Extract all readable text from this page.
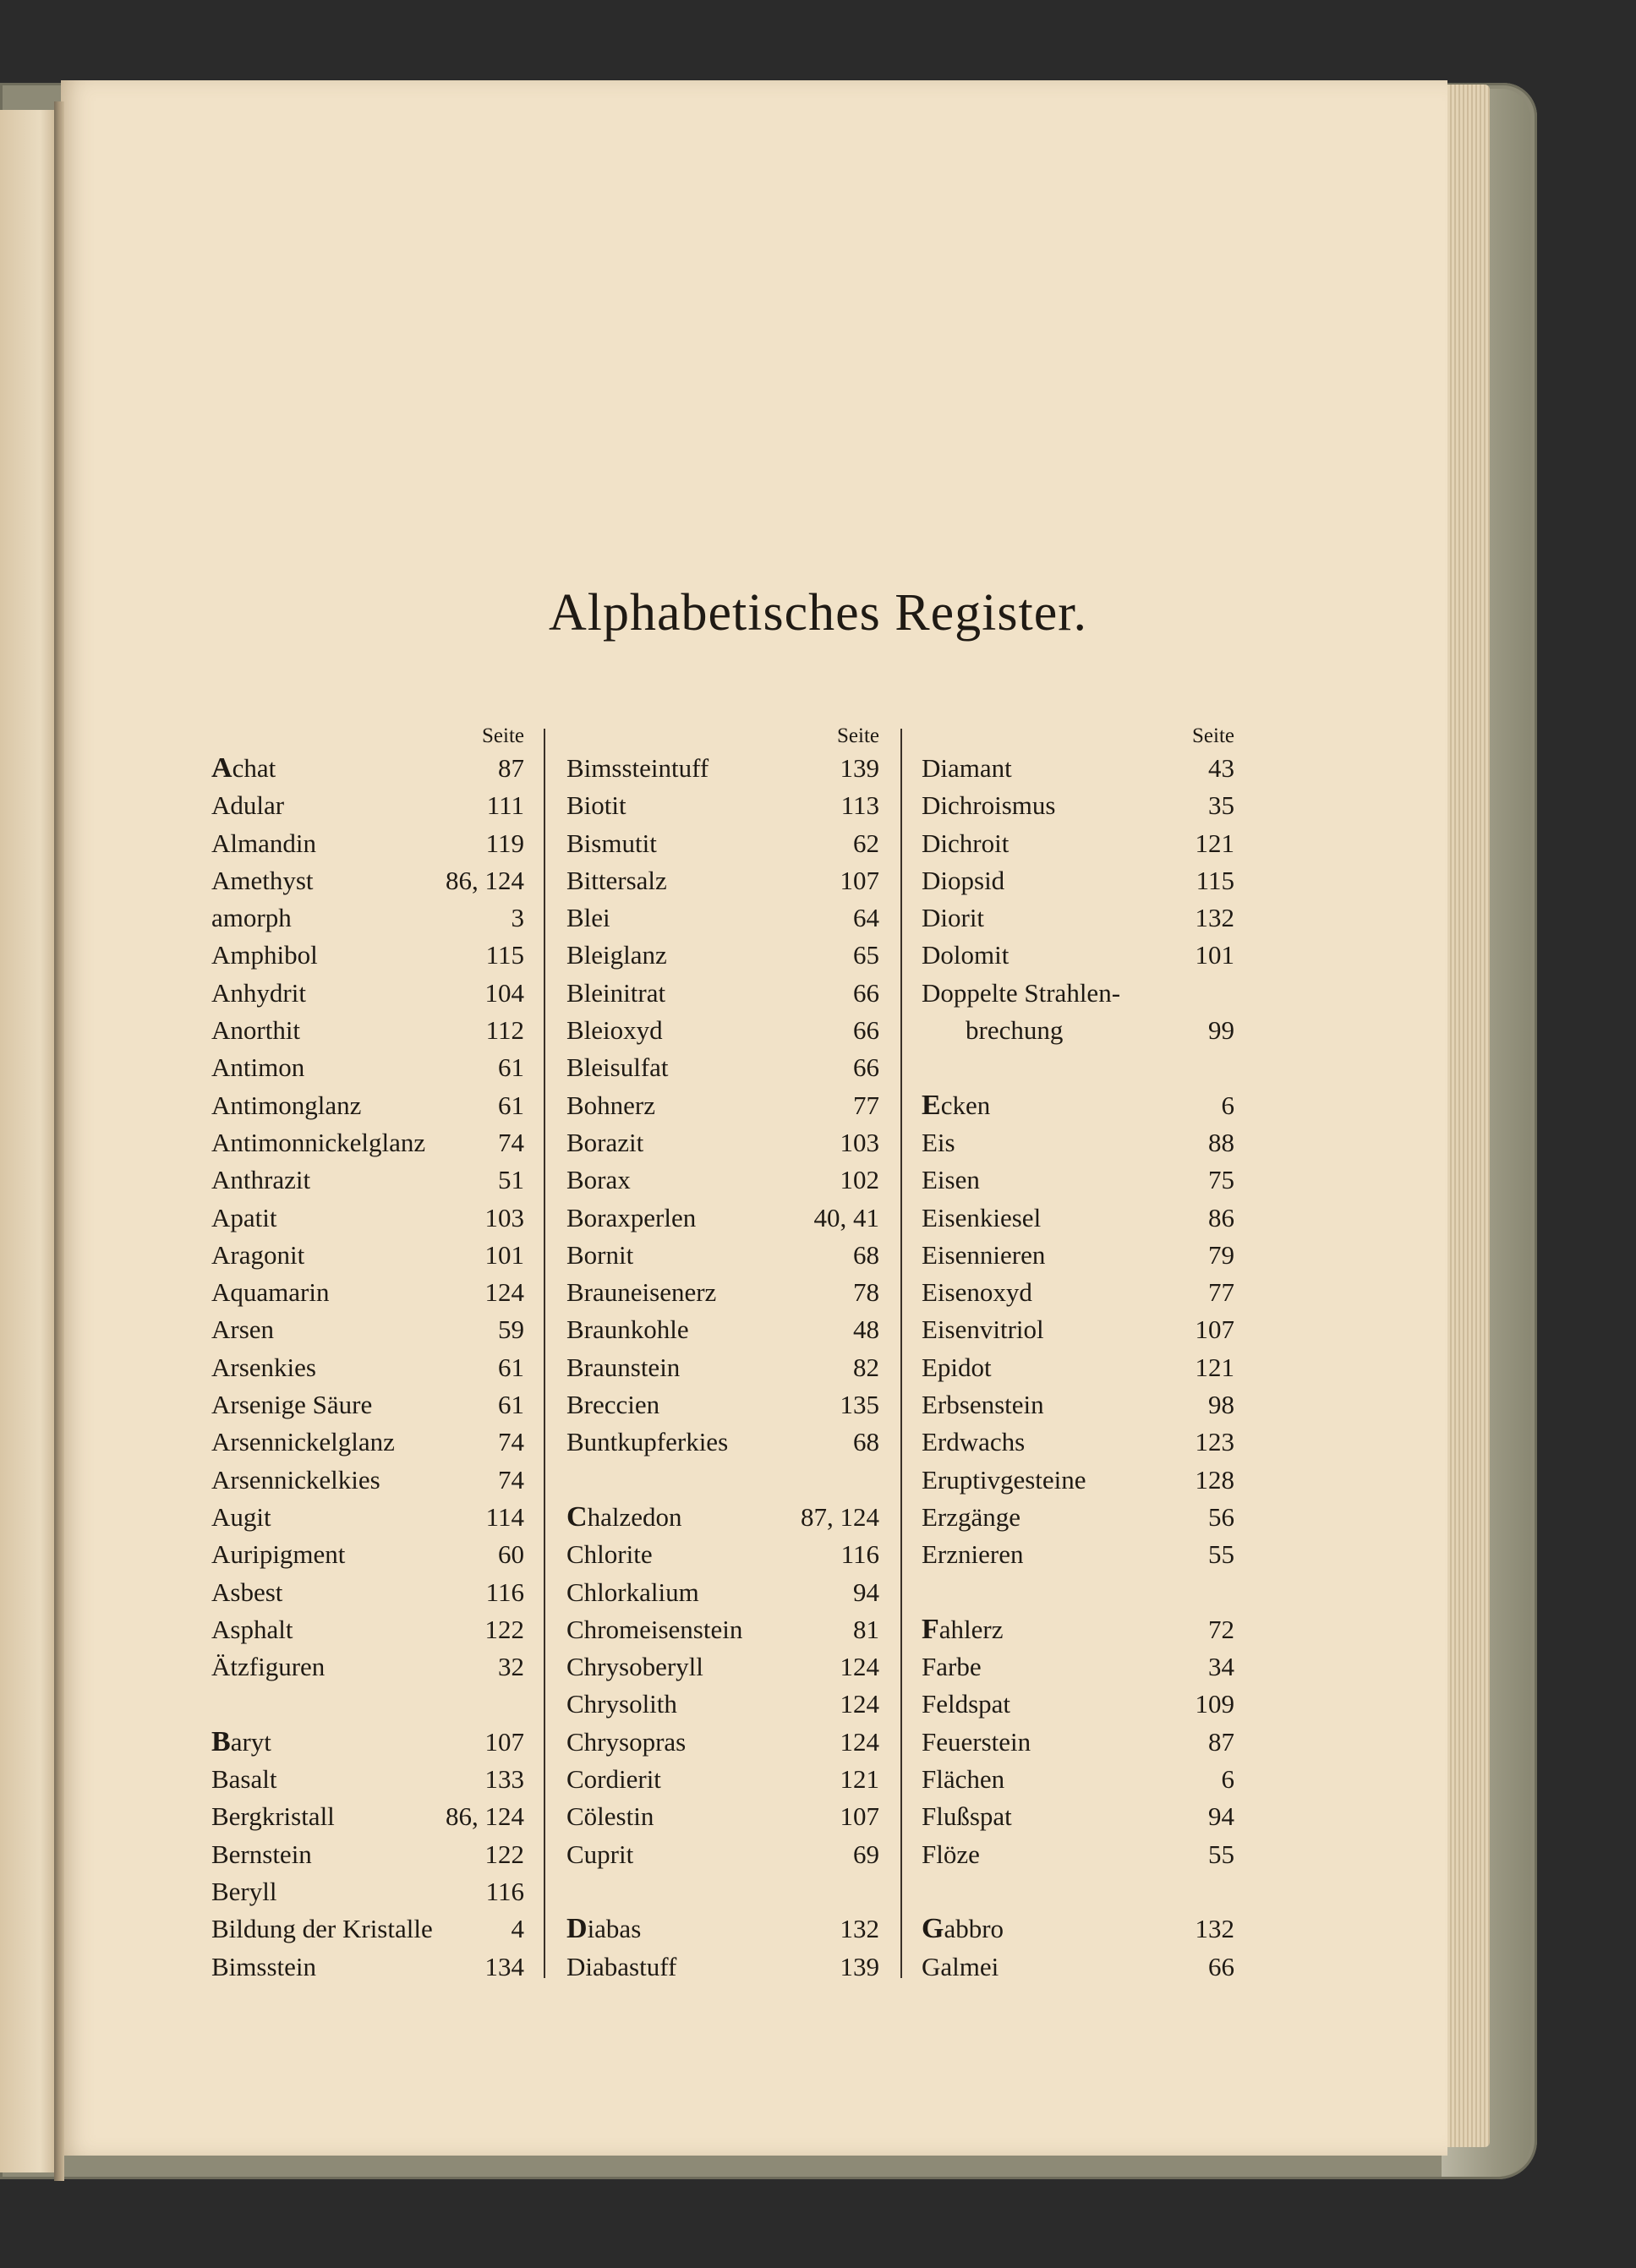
Alphabetisches Register.
Seite
Achat	87
Adular	111
Almandin	119
Amethyst	86, 124
amorph	3
Amphibol	115
Anhydrit	104
Anorthit	112
Antimon	61
Antimonglanz	61
Antimonnickelglanz	74
Anthrazit	51
Apatit	103
Aragonit	101
Aquamarin	124
Arsen	59
Arsenkies	61
Arsenige Säure	61
Arsennickelglanz	74
Arsennickelkies	74
Augit	114
Auripigment	60
Asbest	116
Asphalt	122
Ätzfiguren	32
Baryt	107
Basalt	133
Bergkristall	86, 124
Bernstein	122
Beryll	116
Bildung der Kristalle	4
Bimsstein	134
Seite
Bimssteintuff	139
Biotit	113
Bismutit	62
Bittersalz	107
Blei	64
Bleiglanz	65
Bleinitrat	66
Bleioxyd	66
Bleisulfat	66
Bohnerz	77
Borazit	103
Borax	102
Boraxperlen	40, 41
Bornit	68
Brauneisenerz	78
Braunkohle	48
Braunstein	82
Breccien	135
Buntkupferkies	68
Chalzedon	87, 124
Chlorite	116
Chlorkalium	94
Chromeisenstein	81
Chrysoberyll	124
Chrysolith	124
Chrysopras	124
Cordierit	121
Cölestin	107
Cuprit	69
Diabas	132
Diabastuff	139
Seite
Diamant	43
Dichroismus	35
Dichroit	121
Diopsid	115
Diorit	132
Dolomit	101
Doppelte Strahlen-
brechung	99
Ecken	6
Eis	88
Eisen	75
Eisenkiesel	86
Eisennieren	79
Eisenoxyd	77
Eisenvitriol	107
Epidot	121
Erbsenstein	98
Erdwachs	123
Eruptivgesteine	128
Erzgänge	56
Erznieren	55
Fahlerz	72
Farbe	34
Feldspat	109
Feuerstein	87
Flächen	6
Flußspat	94
Flöze	55
Gabbro	132
Galmei	66
